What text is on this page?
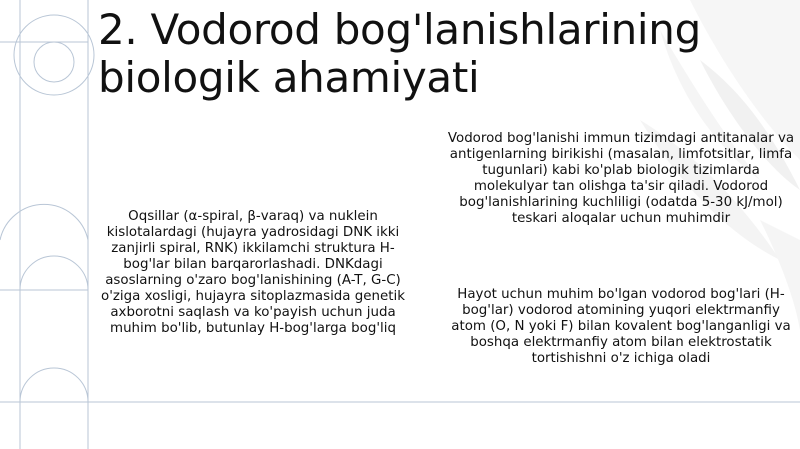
2. Vodorod bog'lanishlarining biologik ahamiyati

Oqsillar (α-spiral, β-varaq) va nuklein kislotalardagi (hujayra yadrosidagi DNK ikki zanjirli spiral, RNK) ikkilamchi struktura H-bog'lar bilan barqarorlashadi. DNKdagi asoslarning o'zaro bog'lanishining (A-T, G-C) o'ziga xosligi, hujayra sitoplazmasida genetik axborotni saqlash va ko'payish uchun juda muhim bo'lib, butunlay H-bog'larga bog'liq

Vodorod bog'lanishi immun tizimdagi antitanalar va antigenlarning birikishi (masalan, limfotsitlar, limfa tugunlari) kabi ko'plab biologik tizimlarda molekulyar tan olishga ta'sir qiladi. Vodorod bog'lanishlarining kuchliligi (odatda 5-30 kJ/mol) teskari aloqalar uchun muhimdir

Hayot uchun muhim bo'lgan vodorod bog'lari (H-bog'lar) vodorod atomining yuqori elektrmanfiy atom (O, N yoki F) bilan kovalent bog'langanligi va boshqa elektrmanfiy atom bilan elektrostatik tortishishni o'z ichiga oladi
